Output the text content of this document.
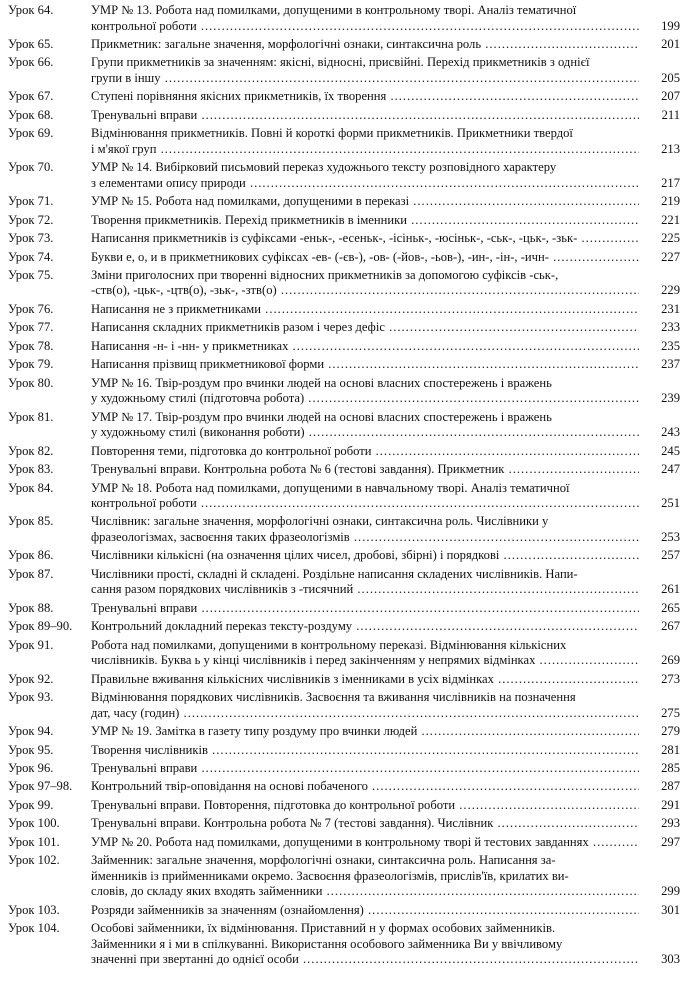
Урок 64.	УМР № 13. Робота над помилками, допущеними в контрольному творі. Аналіз тематичної
контрольної роботи .....	199
Урок 65.	Прикметник: загальне значення, морфологічні ознаки, синтаксична роль .....	201
Урок 66.	Групи прикметників за значенням: якісні, відносні, присвійні. Перехід прикметників з однієї
групи в іншу .....	205
Урок 67.	Ступені порівняння якісних прикметників, їх творення .....	207
Урок 68.	Тренувальні вправи .....	211
Урок 69.	Відмінювання прикметників. Повні й короткі форми прикметників. Прикметники твердої
і м'якої груп .....	213
Урок 70.	УМР № 14. Вибірковий письмовий переказ художнього тексту розповідного характеру
з елементами опису природи .....	217
Урок 71.	УМР № 15. Робота над помилками, допущеними в переказі .....	219
Урок 72.	Творення прикметників. Перехід прикметників в іменники .....	221
Урок 73.	Написання прикметників із суфіксами -еньк-, -есеньк-, -ісіньк-, -юсіньк-, -ськ-, -цьк-, -зьк- .....	225
Урок 74.	Букви е, о, и в прикметникових суфіксах -ев- (-єв-), -ов- (-йов-, -ьов-), -ин-, -ін-, -ичн- .....	227
Урок 75.	Зміни приголосних при творенні відносних прикметників за допомогою суфіксів -ськ-,
-ств(о), -цьк-, -цтв(о), -зьк-, -зтв(о) .....	229
Урок 76.	Написання не з прикметниками .....	231
Урок 77.	Написання складних прикметників разом і через дефіс .....	233
Урок 78.	Написання -н- і -нн- у прикметниках .....	235
Урок 79.	Написання прізвищ прикметникової форми .....	237
Урок 80.	УМР № 16. Твір-роздум про вчинки людей на основі власних спостережень і вражень
у художньому стилі (підготовча робота) .....	239
Урок 81.	УМР № 17. Твір-роздум про вчинки людей на основі власних спостережень і вражень
у художньому стилі (виконання роботи) .....	243
Урок 82.	Повторення теми, підготовка до контрольної роботи .....	245
Урок 83.	Тренувальні вправи. Контрольна робота № 6 (тестові завдання). Прикметник .....	247
Урок 84.	УМР № 18. Робота над помилками, допущеними в навчальному творі. Аналіз тематичної
контрольної роботи .....	251
Урок 85.	Числівник: загальне значення, морфологічні ознаки, синтаксична роль. Числівники у
фразеологізмах, засвоєння таких фразеологізмів .....	253
Урок 86.	Числівники кількісні (на означення цілих чисел, дробові, збірні) і порядкові .....	257
Урок 87.	Числівники прості, складні й складені. Роздільне написання складених числівників. Напи-
сання разом порядкових числівників з -тисячний .....	261
Урок 88.	Тренувальні вправи .....	265
Урок 89–90. Контрольний докладний переказ тексту-роздуму .....	267
Урок 91.	Робота над помилками, допущеними в контрольному переказі. Відмінювання кількісних
числівників. Буква ь у кінці числівників і перед закінченням у непрямих відмінках .....	269
Урок 92.	Правильне вживання кількісних числівників з іменниками в усіх відмінках .....	273
Урок 93.	Відмінювання порядкових числівників. Засвоєння та вживання числівників на позначення
дат, часу (годин) .....	275
Урок 94.	УМР № 19. Замітка в газету типу роздуму про вчинки людей .....	279
Урок 95.	Творення числівників .....	281
Урок 96.	Тренувальні вправи .....	285
Урок 97–98. Контрольний твір-оповідання на основі побаченого .....	287
Урок 99.	Тренувальні вправи. Повторення, підготовка до контрольної роботи .....	291
Урок 100. Тренувальні вправи. Контрольна робота № 7 (тестові завдання). Числівник .....	293
Урок 101. УМР № 20. Робота над помилками, допущеними в контрольному творі й тестових завданнях .....	297
Урок 102. Займенник: загальне значення, морфологічні ознаки, синтаксична роль. Написання за-
йменників із прийменниками окремо. Засвоєння фразеологізмів, прислів'їв, крилатих ви-
словів, до складу яких входять займенники .....	299
Урок 103. Розряди займенників за значенням (ознайомлення) .....	301
Урок 104. Особові займенники, їх відмінювання. Приставний н у формах особових займенників.
Займенники я і ми в спілкуванні. Використання особового займенника Ви у ввічливому
значенні при звертанні до однієї особи .....	303
